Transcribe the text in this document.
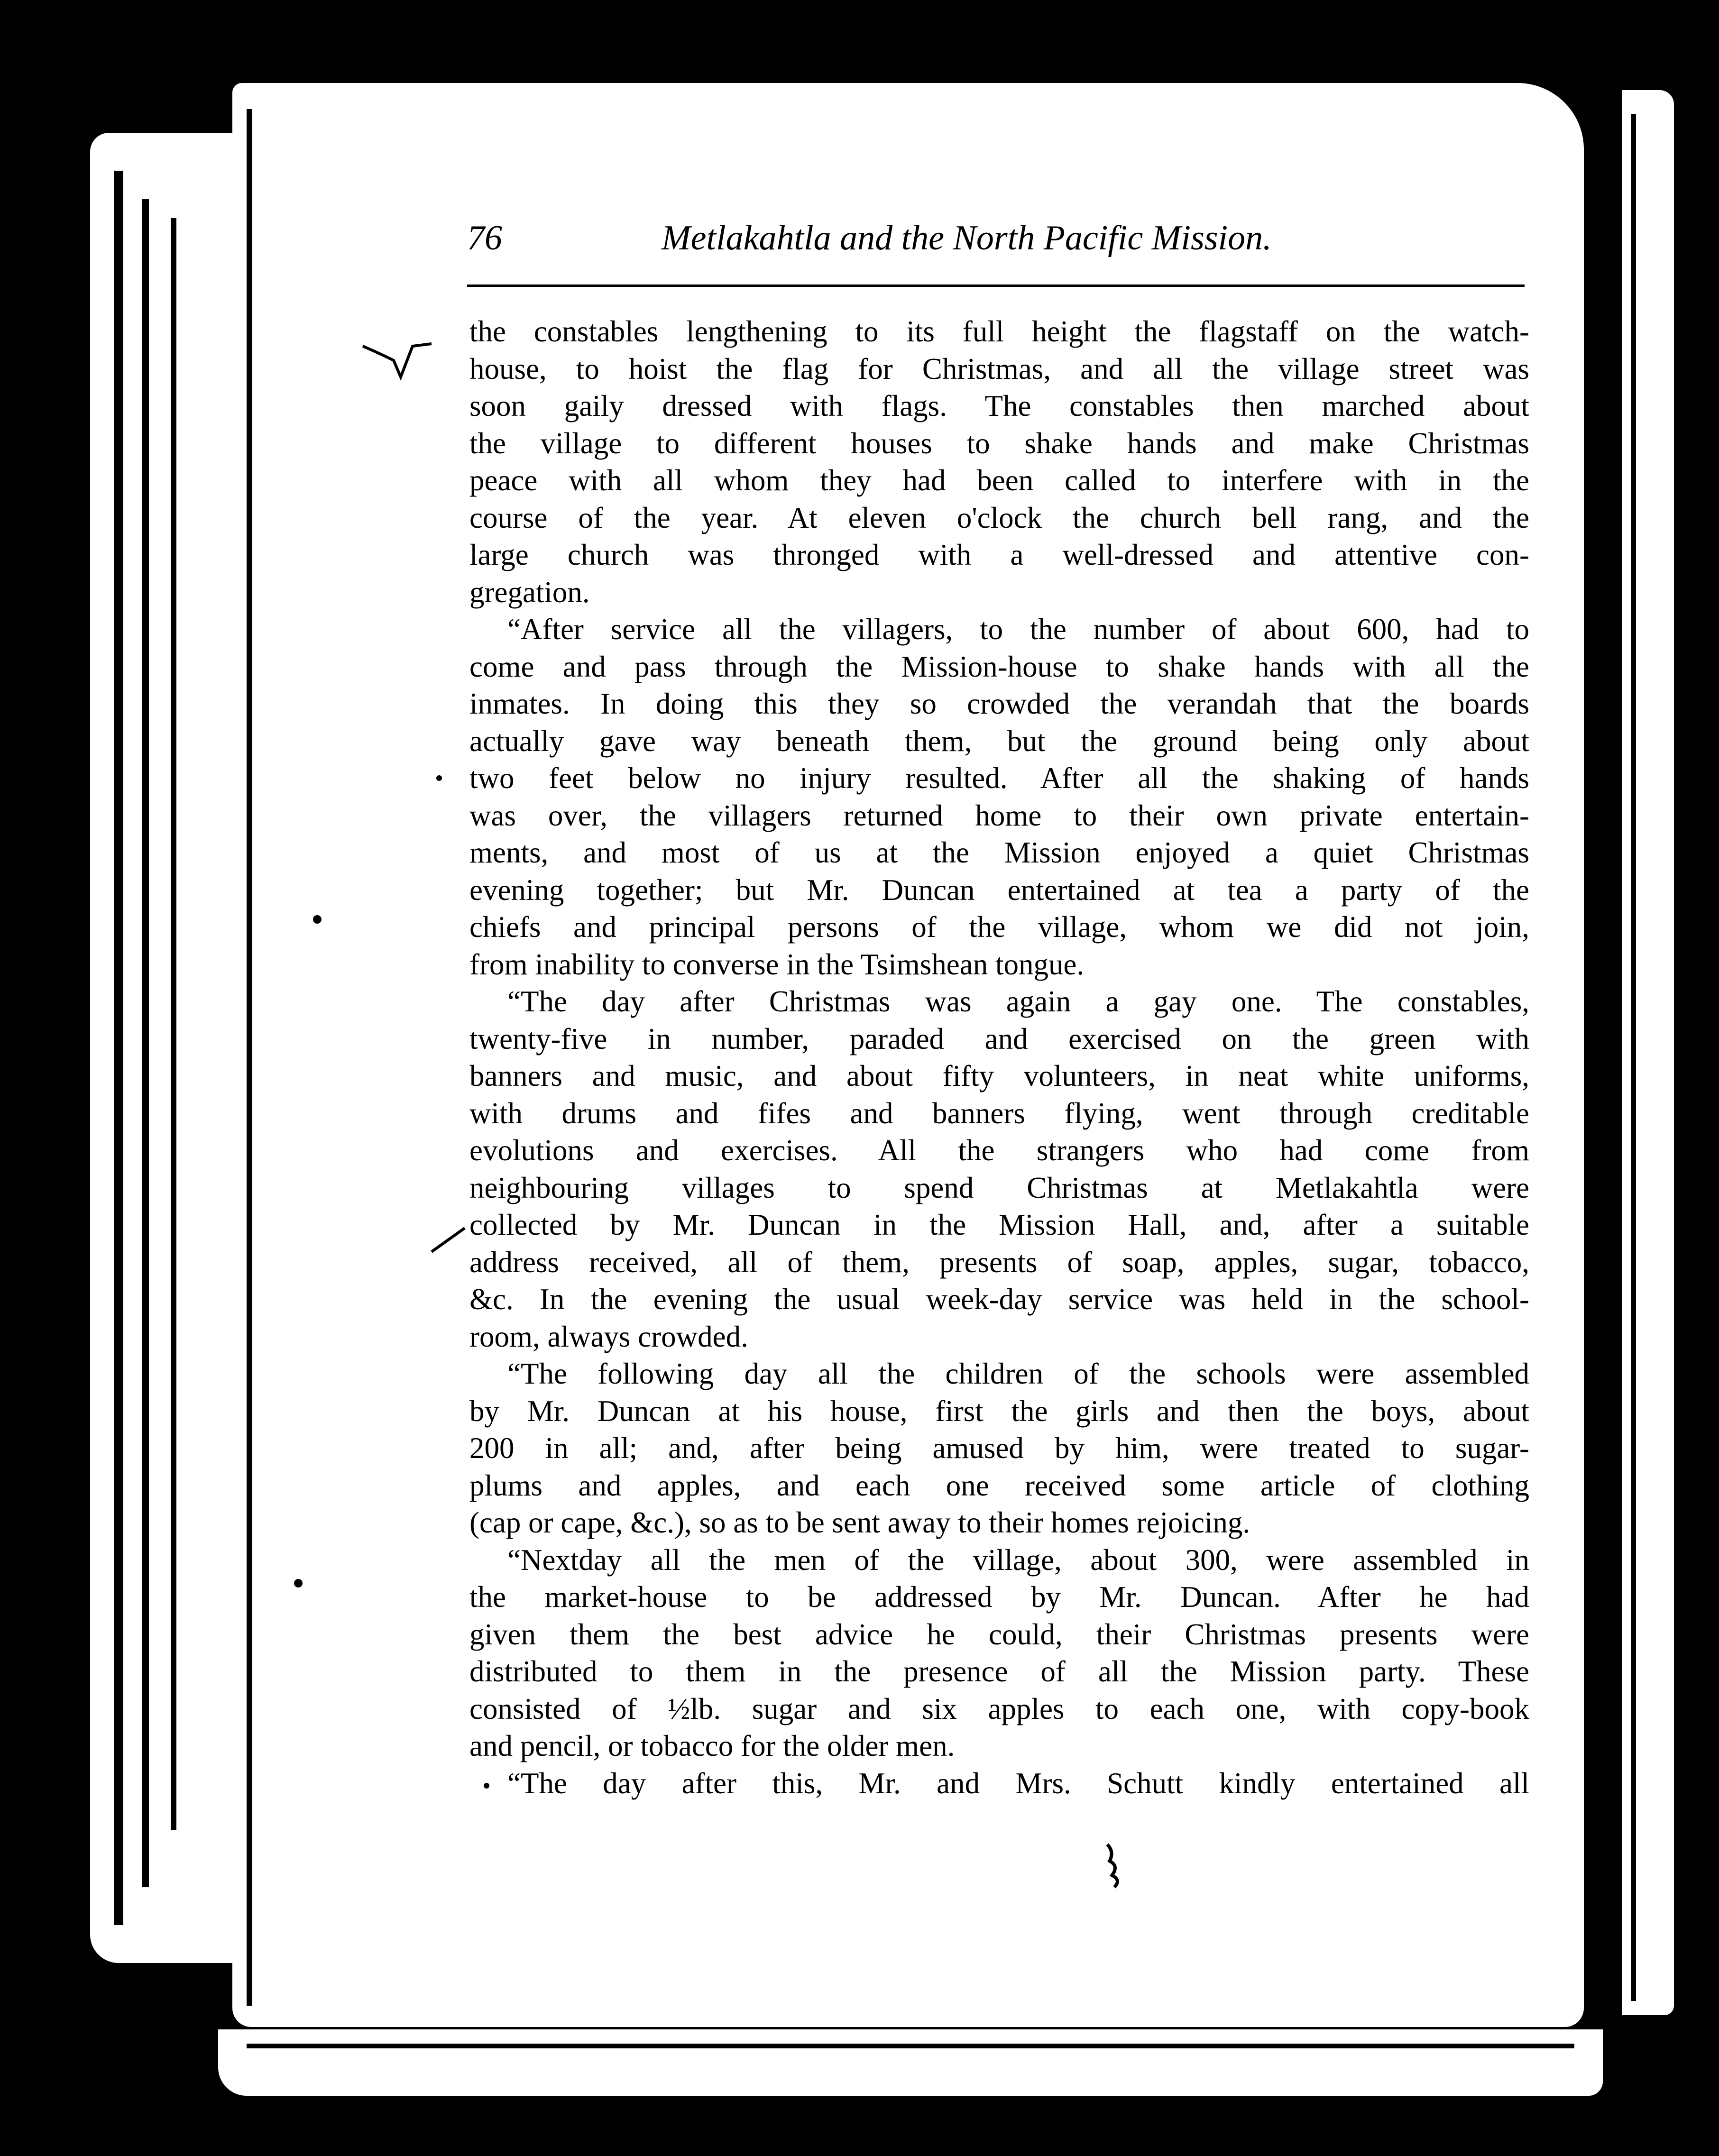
76	Metlakahtla and the North Pacific Mission.
the constables lengthening to its full height the flagstaff on the watch-
house, to hoist the flag for Christmas, and all the village street was
soon gaily dressed with flags. The constables then marched about
the village to different houses to shake hands and make Christmas
peace with all whom they had been called to interfere with in the
course of the year. At eleven o'clock the church bell rang, and the
large church was thronged with a well-dressed and attentive con-
gregation.
“After service all the villagers, to the number of about 600, had to
come and pass through the Mission-house to shake hands with all the
inmates. In doing this they so crowded the verandah that the boards
actually gave way beneath them, but the ground being only about
two feet below no injury resulted. After all the shaking of hands
was over, the villagers returned home to their own private entertain-
ments, and most of us at the Mission enjoyed a quiet Christmas
evening together; but Mr. Duncan entertained at tea a party of the
chiefs and principal persons of the village, whom we did not join,
from inability to converse in the Tsimshean tongue.
“The day after Christmas was again a gay one. The constables,
twenty-five in number, paraded and exercised on the green with
banners and music, and about fifty volunteers, in neat white uniforms,
with drums and fifes and banners flying, went through creditable
evolutions and exercises. All the strangers who had come from
neighbouring villages to spend Christmas at Metlakahtla were
collected by Mr. Duncan in the Mission Hall, and, after a suitable
address received, all of them, presents of soap, apples, sugar, tobacco,
&c. In the evening the usual week-day service was held in the school-
room, always crowded.
“The following day all the children of the schools were assembled
by Mr. Duncan at his house, first the girls and then the boys, about
200 in all; and, after being amused by him, were treated to sugar-
plums and apples, and each one received some article of clothing
(cap or cape, &c.), so as to be sent away to their homes rejoicing.
“Nextday all the men of the village, about 300, were assembled in
the market-house to be addressed by Mr. Duncan. After he had
given them the best advice he could, their Christmas presents were
distributed to them in the presence of all the Mission party. These
consisted of ½lb. sugar and six apples to each one, with copy-book
and pencil, or tobacco for the older men.
“The day after this, Mr. and Mrs. Schutt kindly entertained all
